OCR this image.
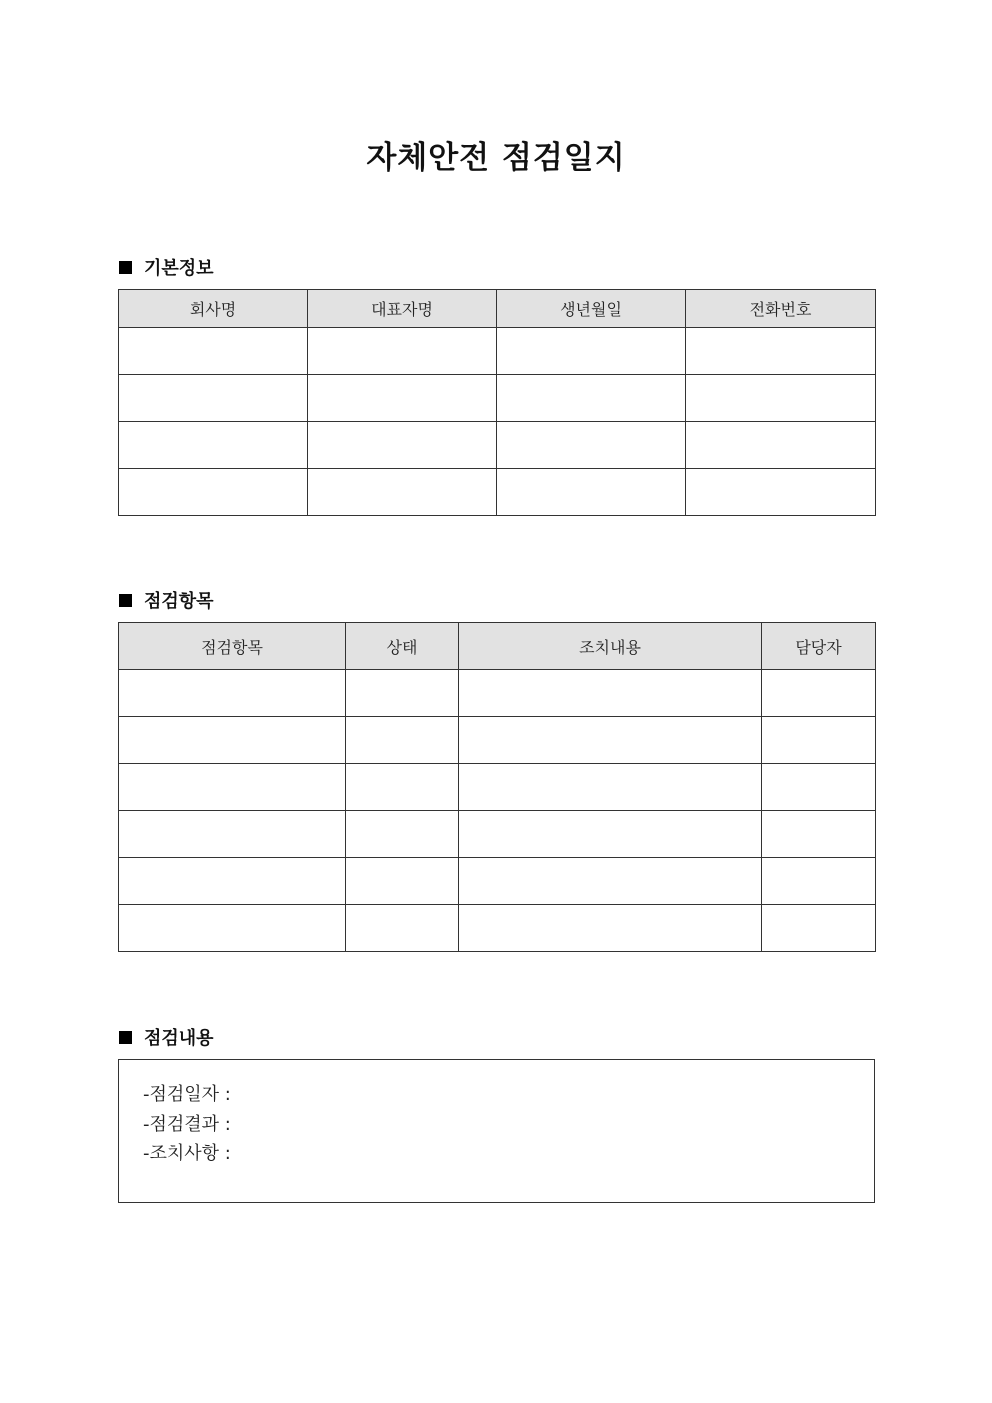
자체안전 점검일지
기본정보
회사명	대표자명	생년월일	전화번호

점검항목
점검항목	상태	조치내용	담당자

점검내용
-점검일자 :
-점검결과 :
-조치사항 :
